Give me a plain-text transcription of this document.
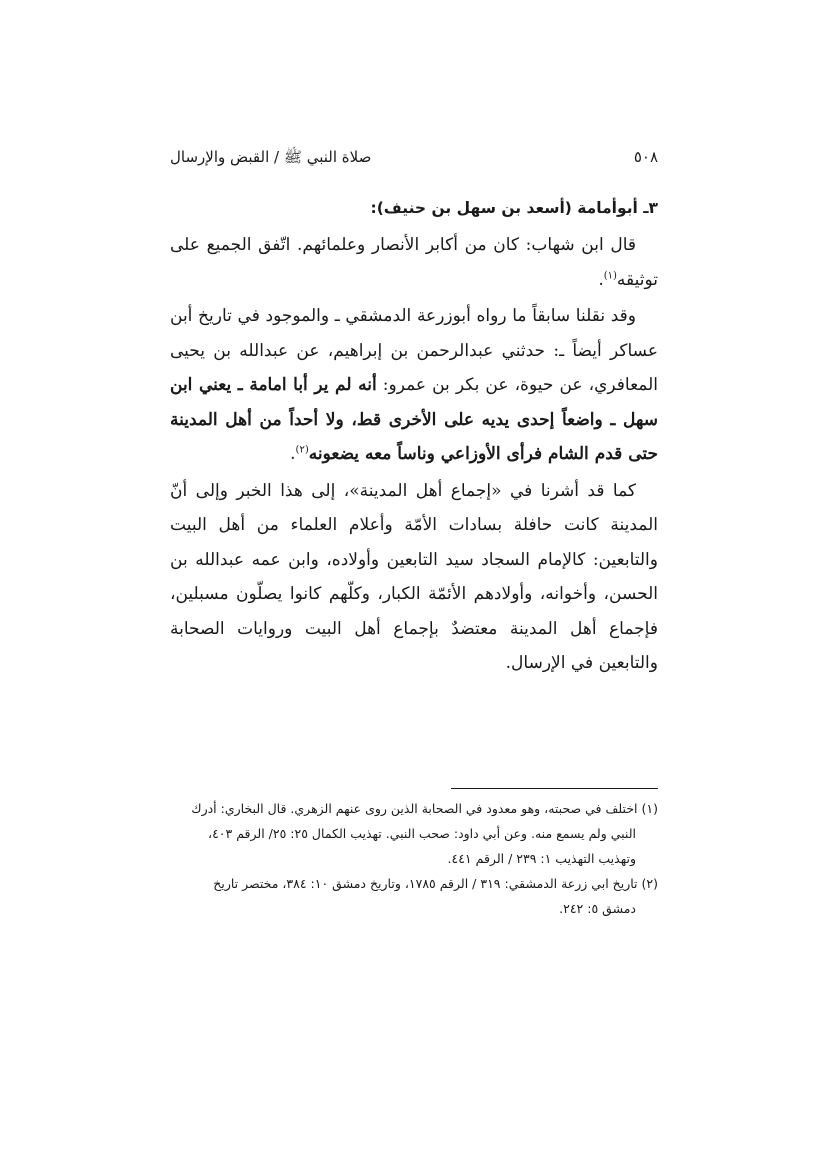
٥٠٨
صلاة النبي ﷺ / القبض والإرسال
٣ـ أبوأمامة (أسعد بن سهل بن حنيف):

قال ابن شهاب: كان من أكابر الأنصار وعلمائهم. اتّفق الجميع على توثيقه$^{(١)}$.

وقد نقلنا سابقاً ما رواه أبوزرعة الدمشقي ـ والموجود في تاريخ أبن عساكر أيضاً ـ: حدثني عبدالرحمن بن إبراهيم، عن عبدالله بن يحيى المعافري، عن حيوة، عن بكر بن عمرو: أنه لم ير أبا امامة ـ يعني ابن سهل ـ واضعاً إحدى يديه على الأخرى قط، ولا أحداً من أهل المدينة حتى قدم الشام فرأى الأوزاعي وناساً معه يضعونه$^{(٢)}$.

كما قد أشرنا في «إجماع أهل المدينة»، إلى هذا الخبر وإلى أنّ المدينة كانت حافلة بسادات الأمّة وأعلام العلماء من أهل البيت والتابعين: كالإمام السجاد سيد التابعين وأولاده، وابن عمه عبدالله بن الحسن، وأخوانه، وأولادهم الأئمّة الكبار، وكلّهم كانوا يصلّون مسبلين، فإجماع أهل المدينة معتضدٌ بإجماع أهل البيت وروايات الصحابة والتابعين في الإرسال.

(١) اختلف في صحبته، وهو معدود في الصحابة الذين روى عنهم الزهري. قال البخاري: أدرك

النبي ولم يسمع منه. وعن أبي داود: صحب النبي. تهذيب الكمال ٢٥: ٢٥/ الرقم ٤٠٣،

وتهذيب التهذيب ١: ٢٣٩ / الرقم ٤٤١.

(٢) تاريخ ابي زرعة الدمشقي: ٣١٩ / الرقم ١٧٨٥، وتاريخ دمشق ١٠: ٣٨٤، مختصر تاريخ

دمشق ٥: ٢٤٢.
